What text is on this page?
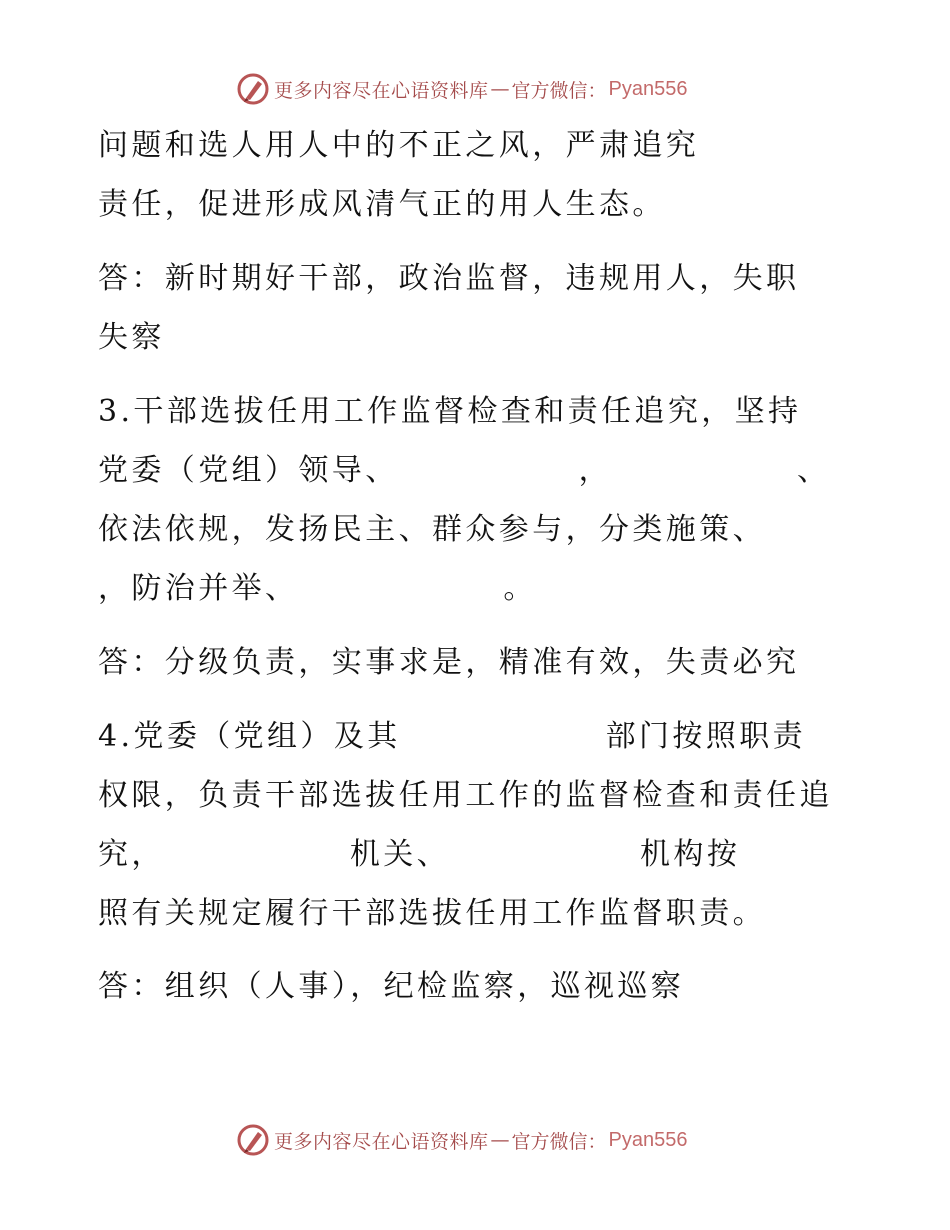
更多内容尽在心语资料库 — 官方微信： Pyan556
问题和选人用人中的不正之风，严肃追究
责任，促进形成风清气正的用人生态。
答：新时期好干部，政治监督，违规用人，失职
失察
3.干部选拔任用工作监督检查和责任追究，坚持
党委（党组）领导、	，	、
依法依规，发扬民主、群众参与，分类施策、
，防治并举、	。
答：分级负责，实事求是，精准有效，失责必究
4.党委（党组）及其	部门按照职责
权限，负责干部选拔任用工作的监督检查和责任追
究，	机关、	机构按
照有关规定履行干部选拔任用工作监督职责。
答：组织（人事），纪检监察，巡视巡察
更多内容尽在心语资料库 — 官方微信： Pyan556
